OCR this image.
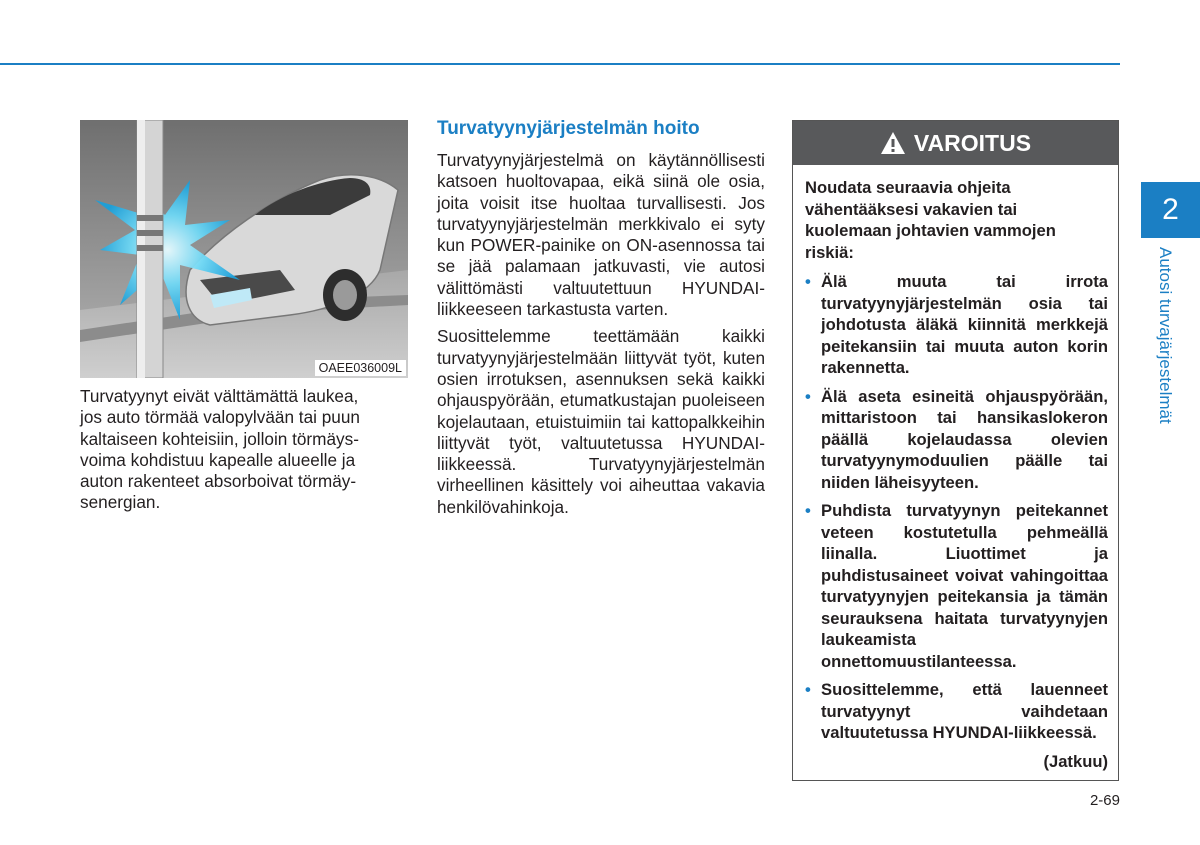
OAEE036009L
Turvatyynyt eivät välttämättä laukea,
jos auto törmää valopylvään tai puun
kaltaiseen kohteisiin, jolloin törmäys-
voima kohdistuu kapealle alueelle ja
auton rakenteet absorboivat törmäy-
senergian.
Turvatyynyjärjestelmän hoito

Turvatyynyjärjestelmä on käytännöllisesti katsoen huoltovapaa, eikä siinä ole osia, joita voisit itse huoltaa turvallisesti. Jos turvatyynyjärjestelmän merkkivalo ei syty kun POWER-painike on ON-asennossa tai se jää palamaan jatkuvasti, vie autosi välittömästi valtuutettuun HYUNDAI-liikkeeseen tarkastusta varten.

Suosittelemme teettämään kaikki turvatyynyjärjestelmään liittyvät työt, kuten osien irrotuksen, asennuksen sekä kaikki ohjauspyörään, etumatkustajan puoleiseen kojelautaan, etuistuimiin tai kattopalkkeihin liittyvät työt, valtuutetussa HYUNDAI-liikkeessä. Turvatyynyjärjestelmän virheellinen käsittely voi aiheuttaa vakavia henkilövahinkoja.

VAROITUS

Noudata seuraavia ohjeita vähentääksesi vakavien tai kuolemaan johtavien vammojen riskiä:

• Älä muuta tai irrota turvatyynyjärjestelmän osia tai johdotusta äläkä kiinnitä merkkejä peitekansiin tai muuta auton korin rakennetta.
• Älä aseta esineitä ohjauspyörään, mittaristoon tai hansikaslokeron päällä kojelaudassa olevien turvatyynymoduulien päälle tai niiden läheisyyteen.
• Puhdista turvatyynyn peitekannet veteen kostutetulla pehmeällä liinalla. Liuottimet ja puhdistusaineet voivat vahingoittaa turvatyynyjen peitekansia ja tämän seurauksena haitata turvatyynyjen laukeamista onnettomuustilanteessa.
• Suosittelemme, että lauenneet turvatyynyt vaihdetaan valtuutetussa HYUNDAI-liikkeessä.
(Jatkuu)
2
Autosi turvajärjestelmät
2-69
